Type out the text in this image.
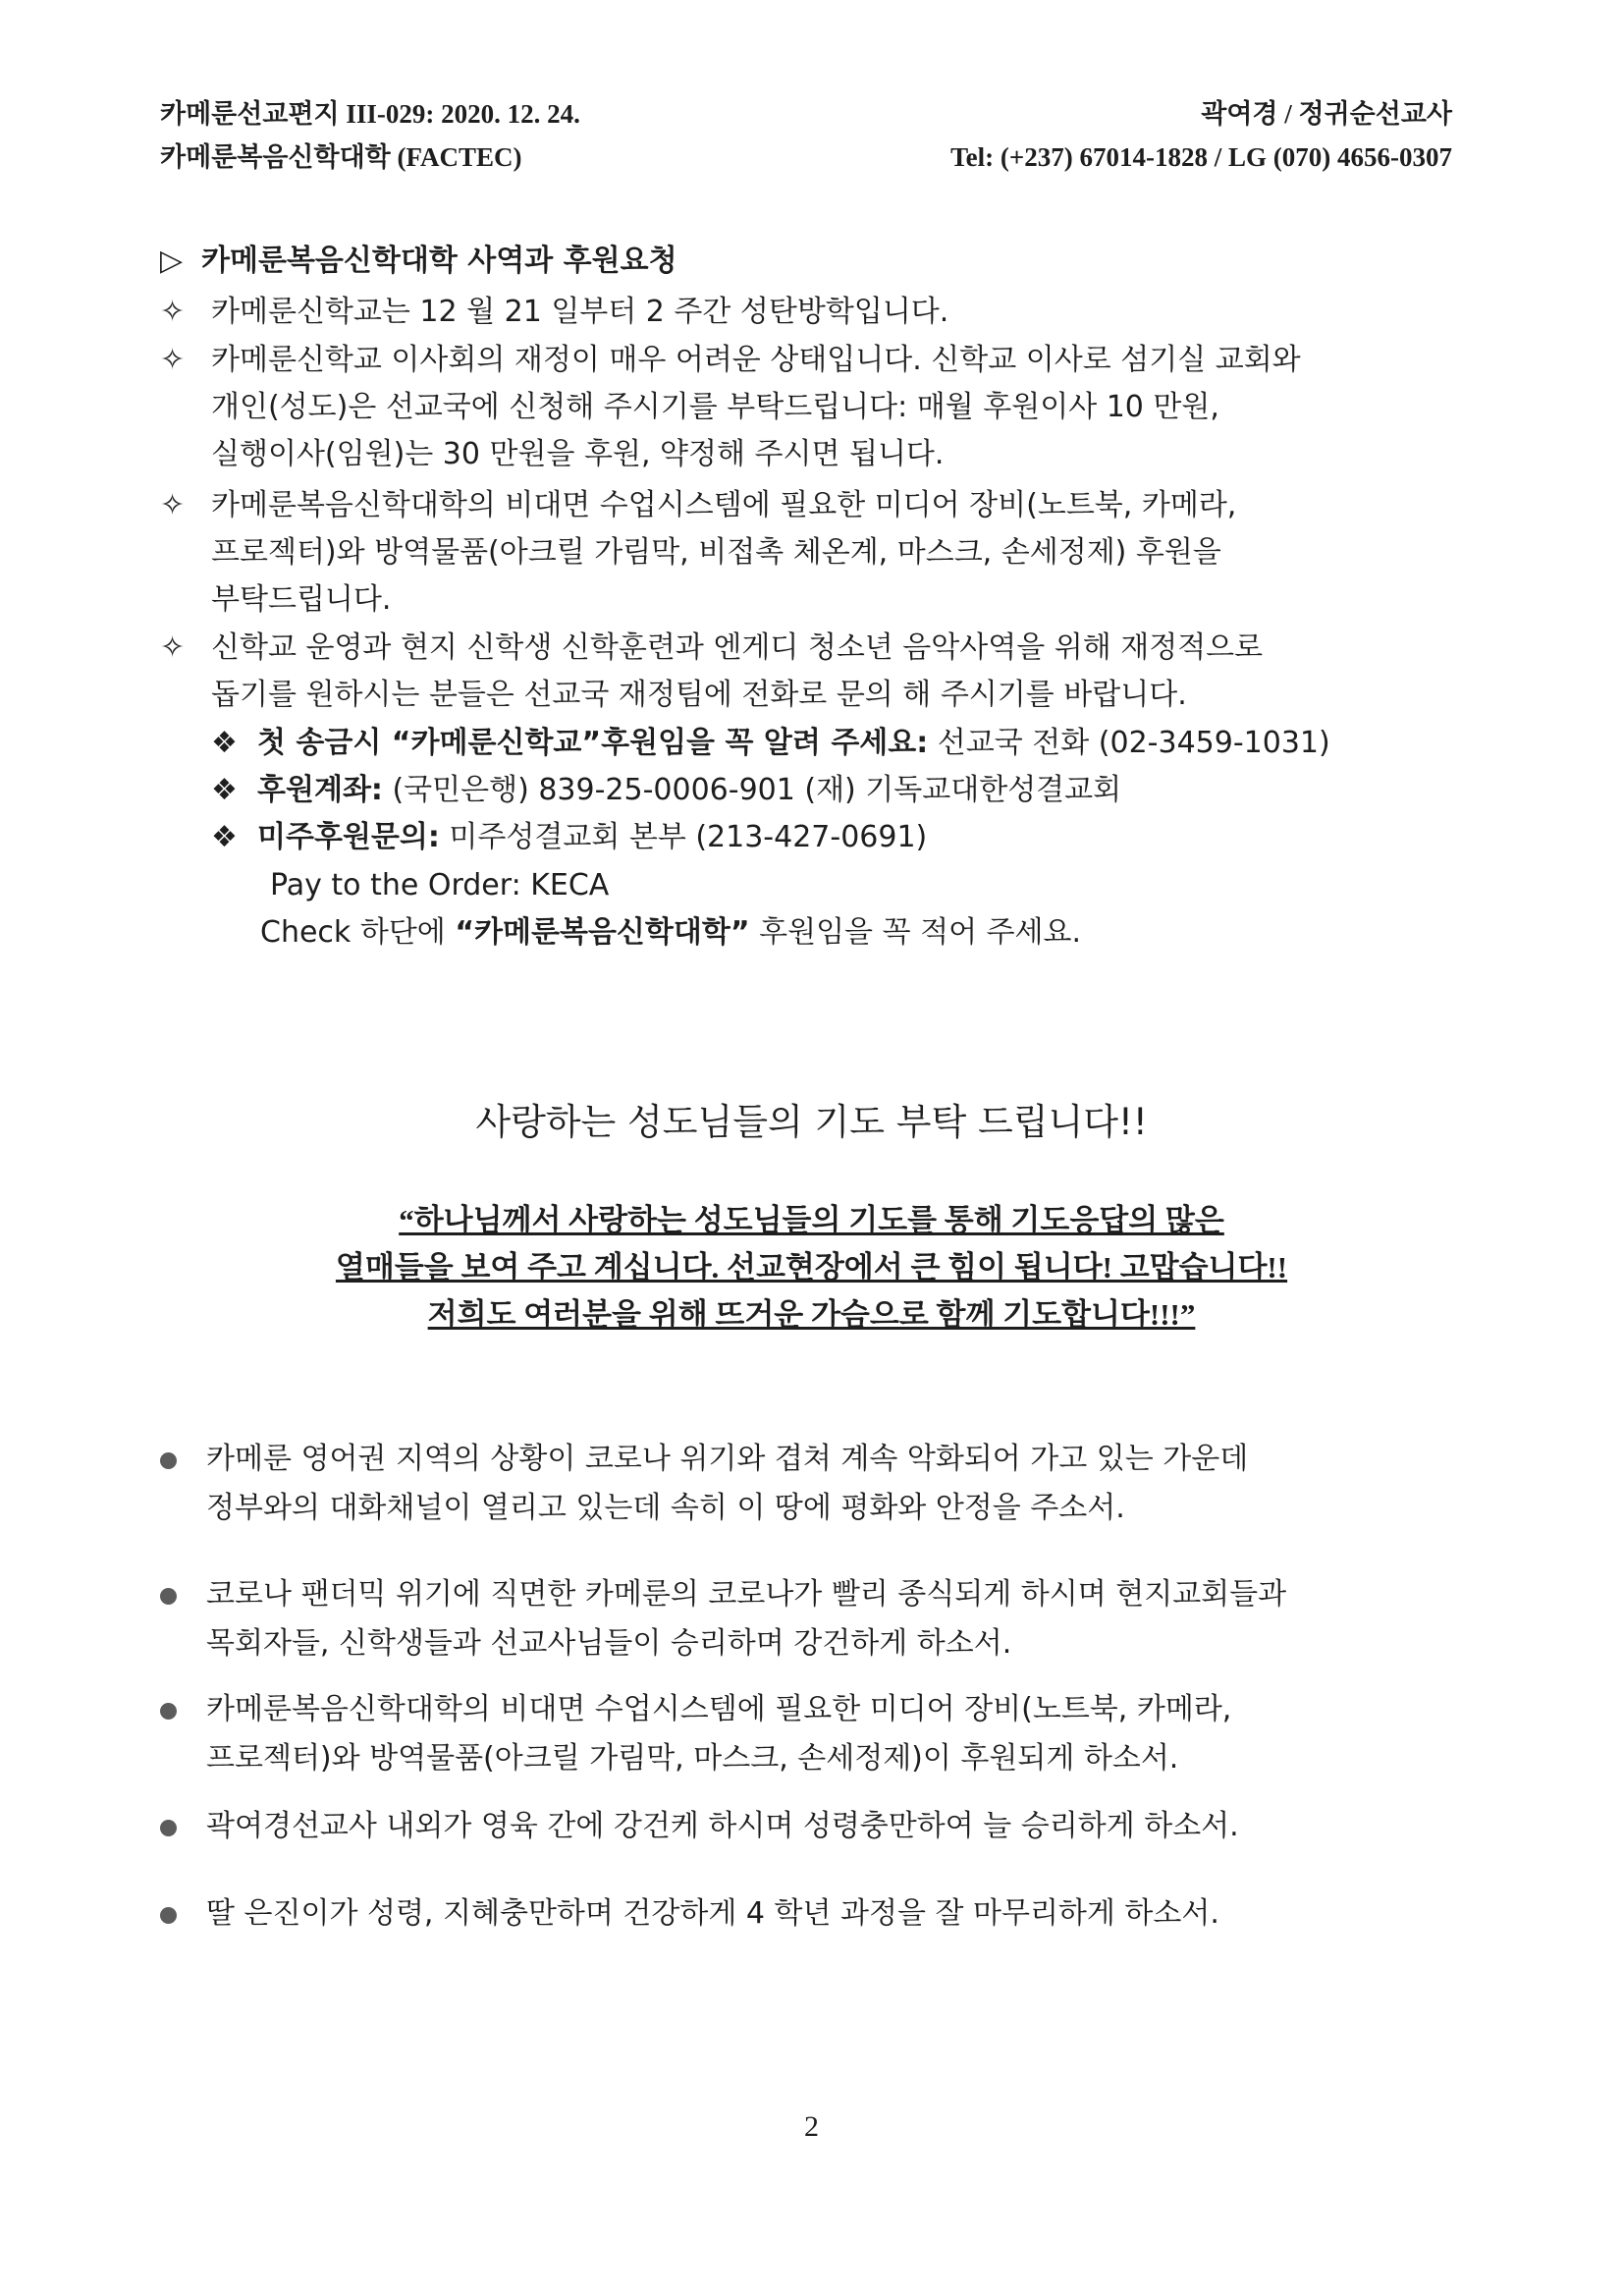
카메룬선교편지 III-029: 2020. 12. 24.
카메룬복음신학대학 (FACTEC)
곽여경 / 정귀순선교사
Tel: (+237) 67014-1828 / LG (070) 4656-0307
▷ 카메룬복음신학대학 사역과 후원요청
✧ 카메룬신학교는 12 월 21 일부터 2 주간 성탄방학입니다.
✧ 카메룬신학교 이사회의 재정이 매우 어려운 상태입니다. 신학교 이사로 섬기실 교회와
개인(성도)은 선교국에 신청해 주시기를 부탁드립니다: 매월 후원이사 10 만원,
실행이사(임원)는 30 만원을 후원, 약정해 주시면 됩니다.
✧ 카메룬복음신학대학의 비대면 수업시스템에 필요한 미디어 장비(노트북, 카메라,
프로젝터)와 방역물품(아크릴 가림막, 비접촉 체온계, 마스크, 손세정제) 후원을
부탁드립니다.
✧ 신학교 운영과 현지 신학생 신학훈련과 엔게디 청소년 음악사역을 위해 재정적으로
돕기를 원하시는 분들은 선교국 재정팀에 전화로 문의 해 주시기를 바랍니다.
❖ 첫 송금시 “카메룬신학교”후원임을 꼭 알려 주세요: 선교국 전화 (02-3459-1031)
❖ 후원계좌: (국민은행) 839-25-0006-901 (재) 기독교대한성결교회
❖ 미주후원문의: 미주성결교회 본부 (213-427-0691)
Pay to the Order: KECA
Check 하단에 “카메룬복음신학대학” 후원임을 꼭 적어 주세요.
사랑하는 성도님들의 기도 부탁 드립니다!!
“하나님께서 사랑하는 성도님들의 기도를 통해 기도응답의 많은
열매들을 보여 주고 계십니다. 선교현장에서 큰 힘이 됩니다! 고맙습니다!!
저희도 여러분을 위해 뜨거운 가슴으로 함께 기도합니다!!!”
카메룬 영어권 지역의 상황이 코로나 위기와 겹쳐 계속 악화되어 가고 있는 가운데
정부와의 대화채널이 열리고 있는데 속히 이 땅에 평화와 안정을 주소서.
코로나 팬더믹 위기에 직면한 카메룬의 코로나가 빨리 종식되게 하시며 현지교회들과
목회자들, 신학생들과 선교사님들이 승리하며 강건하게 하소서.
카메룬복음신학대학의 비대면 수업시스템에 필요한 미디어 장비(노트북, 카메라,
프로젝터)와 방역물품(아크릴 가림막, 마스크, 손세정제)이 후원되게 하소서.
곽여경선교사 내외가 영육 간에 강건케 하시며 성령충만하여 늘 승리하게 하소서.
딸 은진이가 성령, 지혜충만하며 건강하게 4 학년 과정을 잘 마무리하게 하소서.
2
